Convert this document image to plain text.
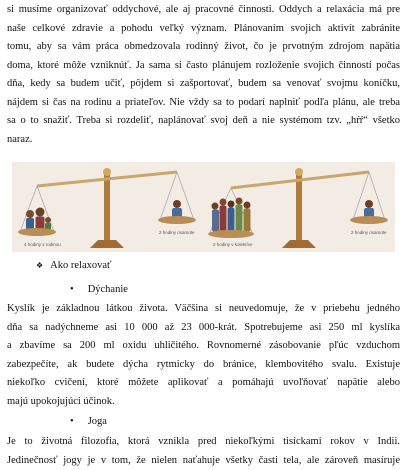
si musíme organizovať oddychové, ale aj pracovné činnosti. Oddych a relaxácia má pre
naše celkové zdravie a pohodu veľký význam. Plánovaním svojich aktivít zabránite
tomu, aby sa vám práca obmedzovala rodinný život, čo je prvotným zdrojom napätia
doma, ktoré môže vzniknúť. Ja sama si často plánujem rozloženie svojich činností počas
dňa, kedy sa budem učiť, pôjdem si zašportovať, budem sa venovať svojmu koníčku,
nájdem si čas na rodinu a priateľov. Nie vždy sa to podarí naplniť podľa plánu, ale treba
sa o to snažiť. Treba si rozdeliť, naplánovať svoj deň a nie systémom tzv. „hŕŕ“ všetko
naraz.

4 hodiny s rodinou
2 hodiny osamote
2 hodiny v kolektíve
2 hodiny osamote
❖ Ako relaxovať
• Dýchanie

Kyslík je základnou látkou života. Väčšina si neuvedomuje, že v priebehu jedného
dňa sa nadýchneme asi 10 000 až 23 000-krát. Spotrebujeme asi 250 ml kyslíka
a zbavíme sa 200 ml oxidu uhličitého. Rovnomerné zásobovanie pľúc vzduchom
zabezpečíte, ak budete dýcha rytmicky do bránice, klembovitého svalu. Existuje
niekoľko cvičení, ktoré môžete aplikovať a pomáhajú uvoľňovať napätie alebo
majú upokojujúci účinok.

• Joga

Je to životná filozofia, ktorá vznikla pred niekoľkými tisíckami rokov v Indii.
Jedinečnosť jogy je v tom, že nielen naťahuje všetky časti tela, ale zároveň masíruje
